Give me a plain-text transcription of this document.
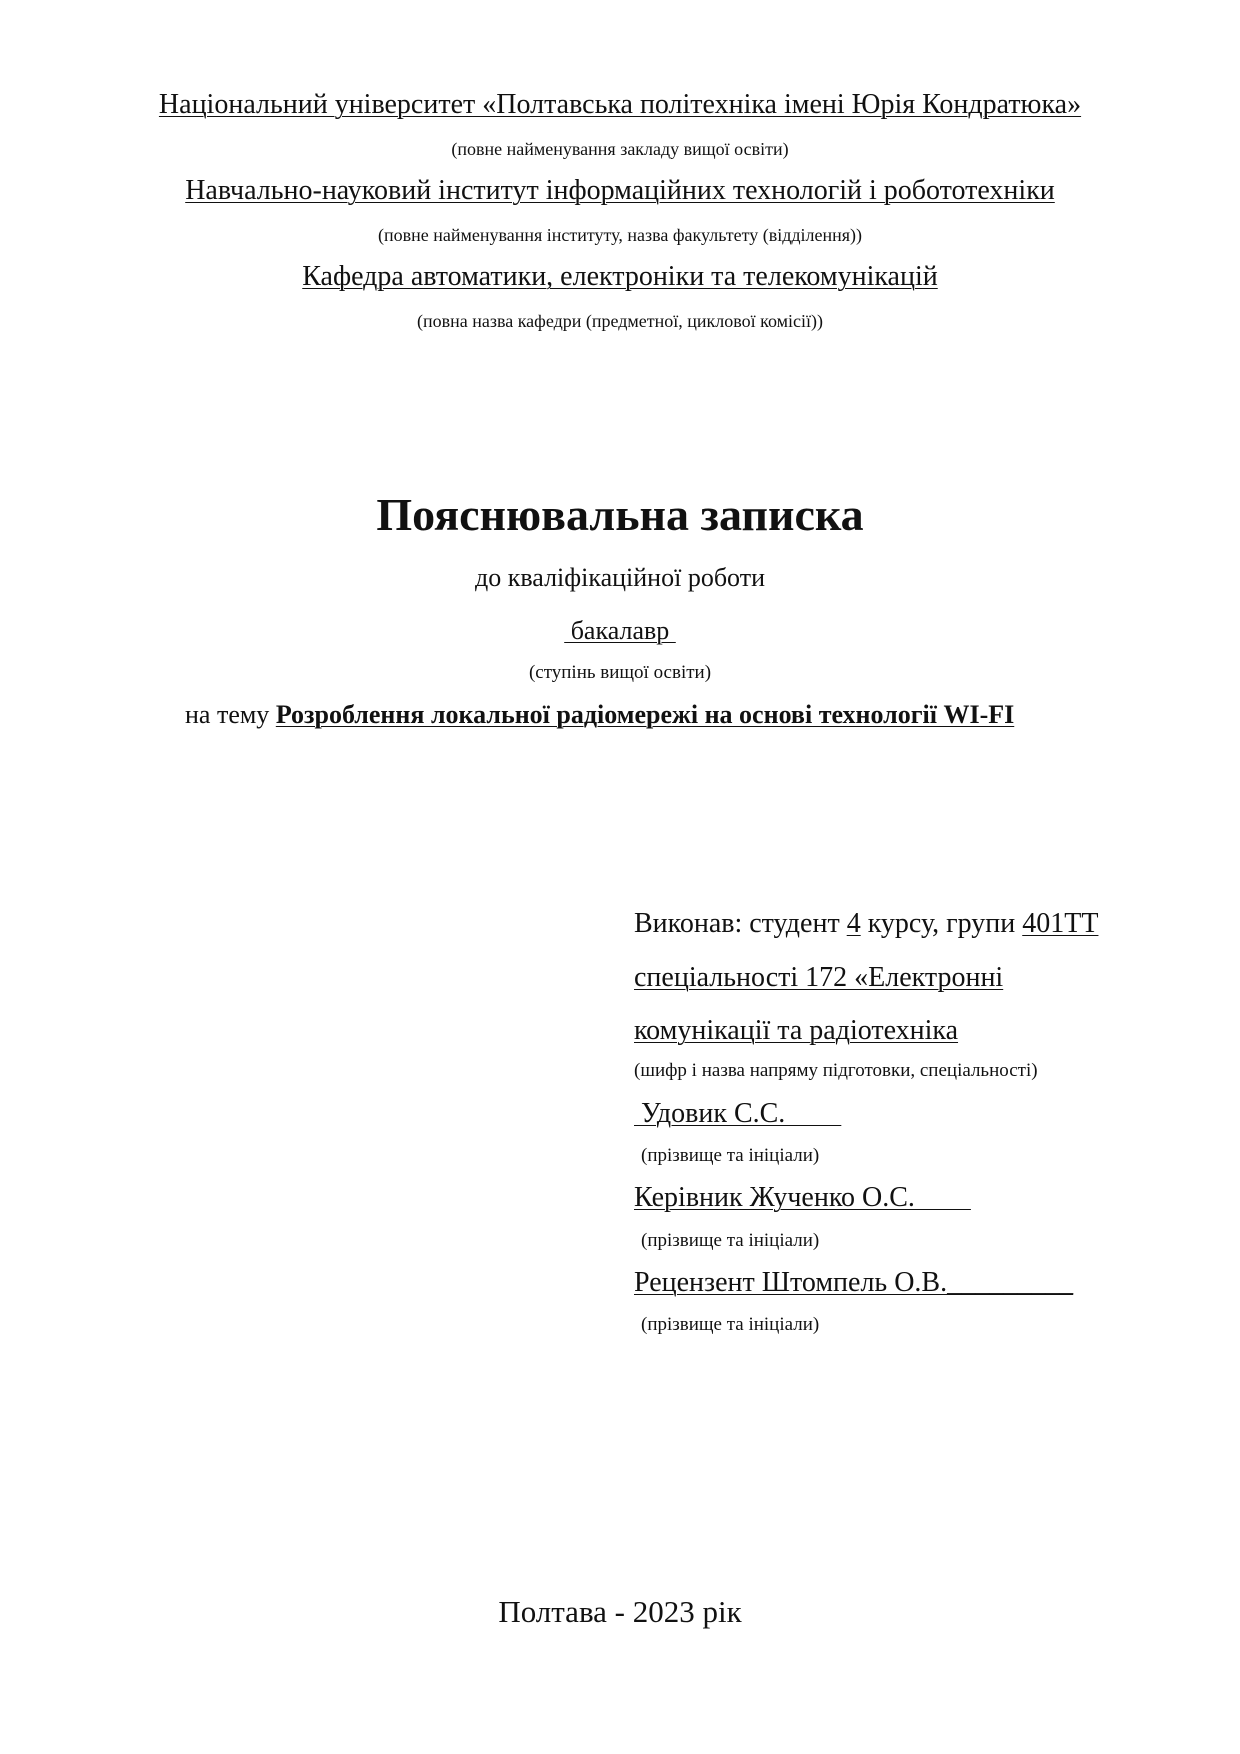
Національний університет «Полтавська політехніка імені Юрія Кондратюка»
(повне найменування закладу вищої освіти)
Навчально-науковий інститут інформаційних технологій і робототехніки
(повне найменування інституту, назва факультету (відділення))
Кафедра автоматики, електроніки та телекомунікацій
(повна назва кафедри (предметної, циклової комісії))
Пояснювальна записка
до кваліфікаційної роботи
бакалавр
(ступінь вищої освіти)
на тему Розроблення локальної радіомережі на основі технології WI-FI
Виконав: студент 4 курсу, групи 401ТТ
спеціальності 172 «Електронні
комунікації та радіотехніка
(шифр і назва напряму підготовки, спеціальності)
Удовик С.С.
(прізвище та ініціали)
Керівник Жученко О.С.
(прізвище та ініціали)
Рецензент Штомпель О.В._________
(прізвище та ініціали)
Полтава - 2023 рік
